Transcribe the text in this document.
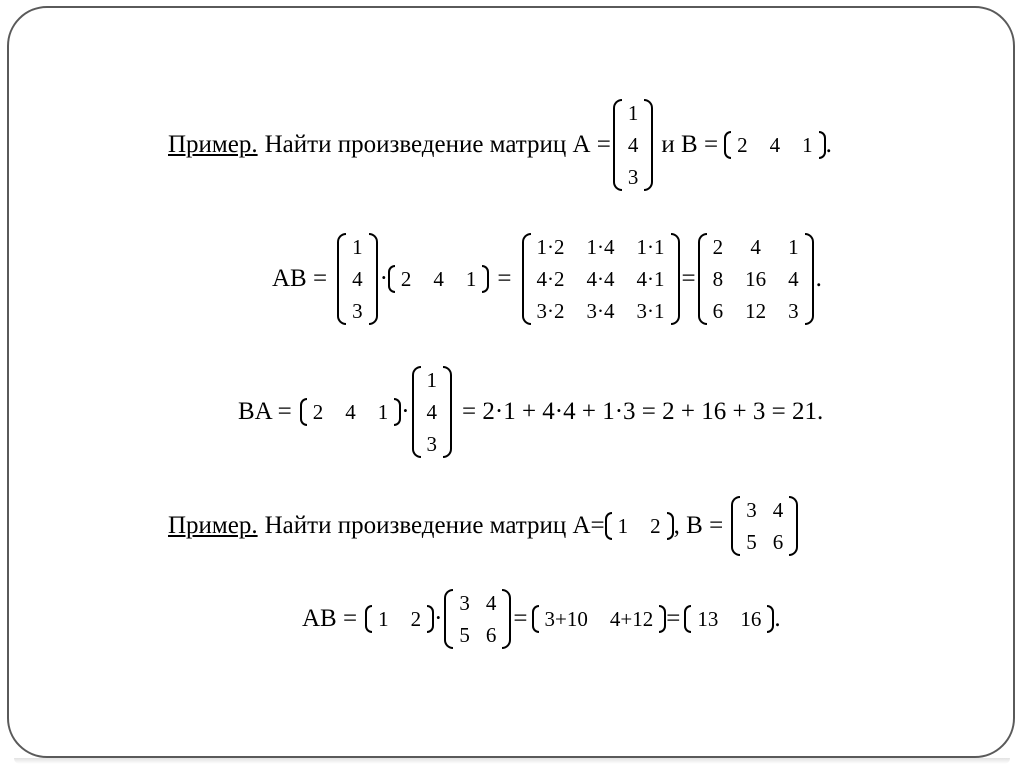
Пример. Найти произведение матриц А =
1
4
3
и В = 2 4 1 .
AB =
1
4
3
· 2 4 1 =
1·2 1·4 1·1
4·2 4·4 4·1
3·2 3·4 3·1
=
2 4 1
8 16 4
6 12 3
.
BA = 2 4 1 ·
1
4
3
= 2·1 + 4·4 + 1·3 = 2 + 16 + 3 = 21.
Пример. Найти произведение матриц А= 1 2 , В =
3 4
5 6
AB = 1 2 ·
3 4
5 6
= 3+10 4+12 = 13 16 .
